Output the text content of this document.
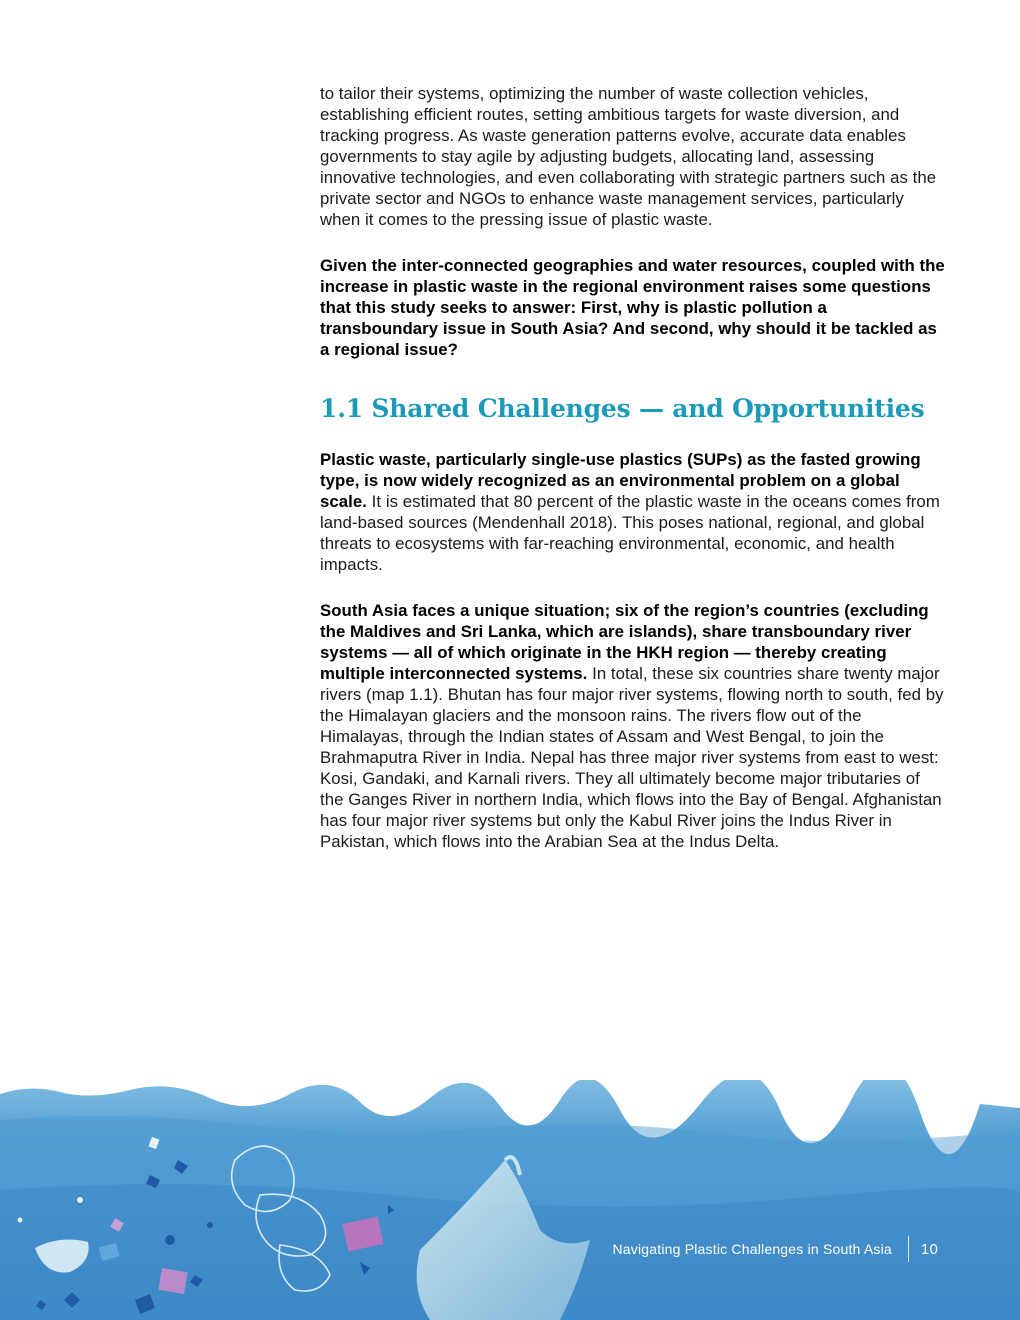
to tailor their systems, optimizing the number of waste collection vehicles, establishing efficient routes, setting ambitious targets for waste diversion, and tracking progress. As waste generation patterns evolve, accurate data enables governments to stay agile by adjusting budgets, allocating land, assessing innovative technologies, and even collaborating with strategic partners such as the private sector and NGOs to enhance waste management services, particularly when it comes to the pressing issue of plastic waste.

Given the inter-connected geographies and water resources, coupled with the increase in plastic waste in the regional environment raises some questions that this study seeks to answer: First, why is plastic pollution a transboundary issue in South Asia? And second, why should it be tackled as a regional issue?

1.1 Shared Challenges — and Opportunities

Plastic waste, particularly single-use plastics (SUPs) as the fasted growing type, is now widely recognized as an environmental problem on a global scale. It is estimated that 80 percent of the plastic waste in the oceans comes from land-based sources (Mendenhall 2018). This poses national, regional, and global threats to ecosystems with far-reaching environmental, economic, and health impacts.

South Asia faces a unique situation; six of the region’s countries (excluding the Maldives and Sri Lanka, which are islands), share transboundary river systems — all of which originate in the HKH region — thereby creating multiple interconnected systems. In total, these six countries share twenty major rivers (map 1.1). Bhutan has four major river systems, flowing north to south, fed by the Himalayan glaciers and the monsoon rains. The rivers flow out of the Himalayas, through the Indian states of Assam and West Bengal, to join the Brahmaputra River in India. Nepal has three major river systems from east to west: Kosi, Gandaki, and Karnali rivers. They all ultimately become major tributaries of the Ganges River in northern India, which flows into the Bay of Bengal. Afghanistan has four major river systems but only the Kabul River joins the Indus River in Pakistan, which flows into the Arabian Sea at the Indus Delta.

Navigating Plastic Challenges in South Asia 10
